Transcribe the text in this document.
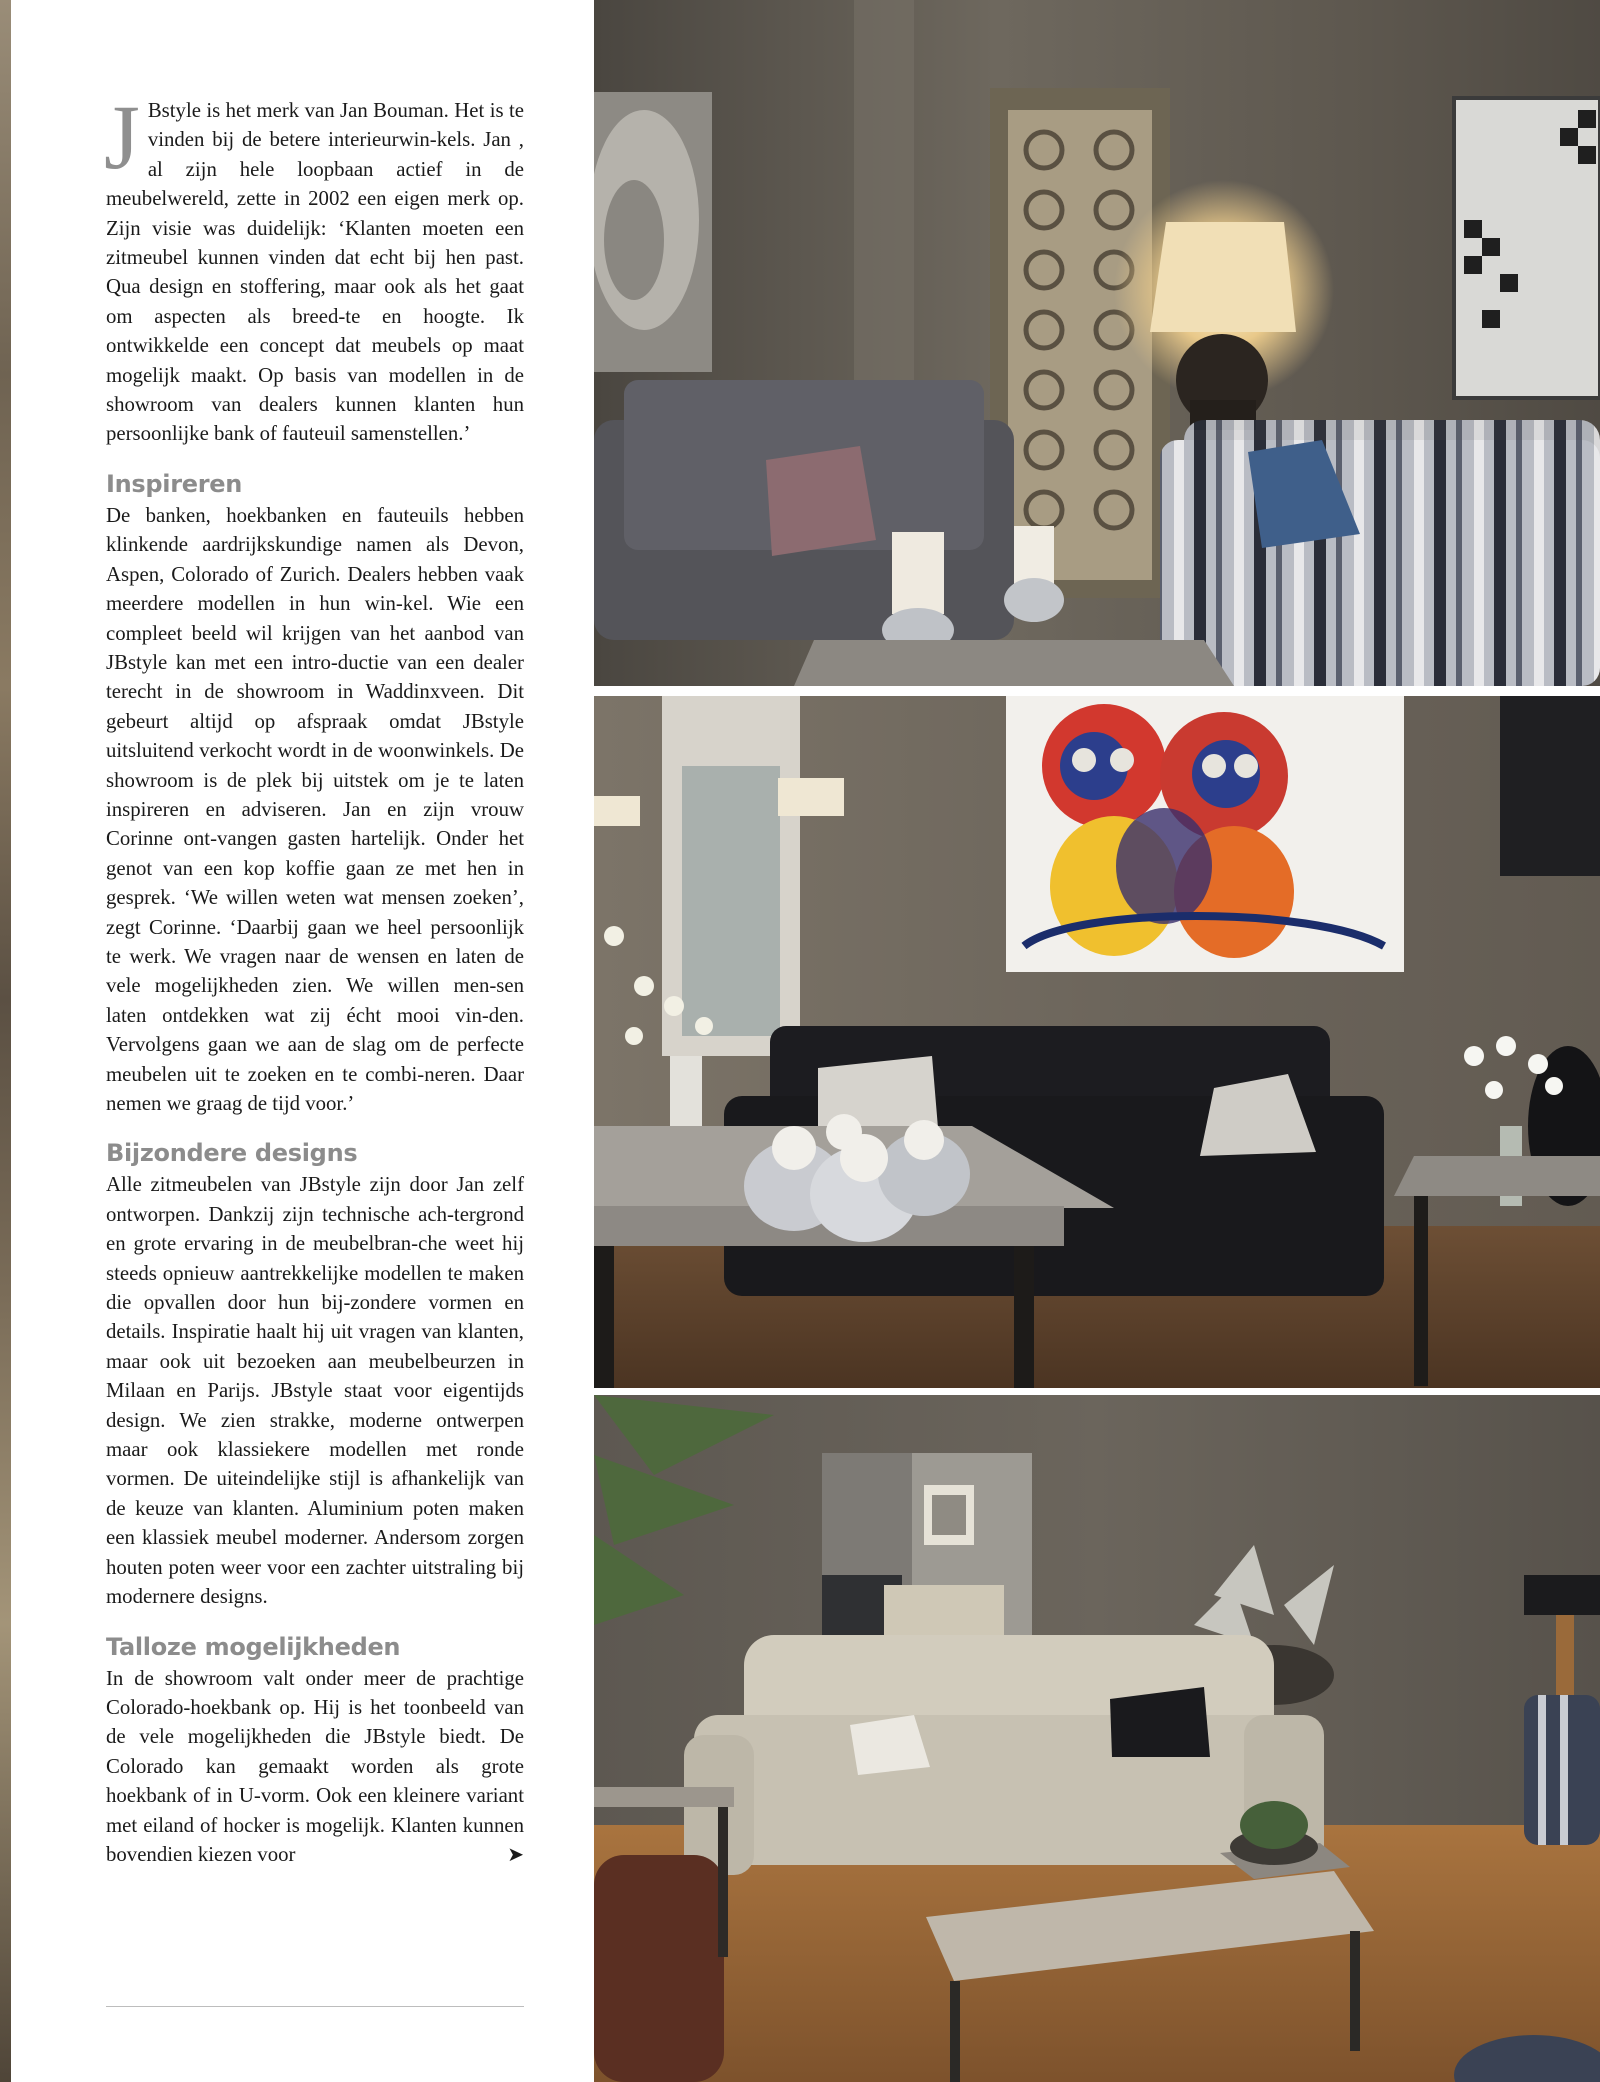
J Bstyle is het merk van Jan Bouman. Het is te vinden bij de betere interieurwin-kels. Jan , al zijn hele loopbaan actief in de meubelwereld, zette in 2002 een eigen merk op. Zijn visie was duidelijk: ‘Klanten moeten een zitmeubel kunnen vinden dat echt bij hen past. Qua design en stoffering, maar ook als het gaat om aspecten als breed-te en hoogte. Ik ontwikkelde een concept dat meubels op maat mogelijk maakt. Op basis van modellen in de showroom van dealers kunnen klanten hun persoonlijke bank of fauteuil samenstellen.’

Inspireren

De banken, hoekbanken en fauteuils hebben klinkende aardrijkskundige namen als Devon, Aspen, Colorado of Zurich. Dealers hebben vaak meerdere modellen in hun win-kel. Wie een compleet beeld wil krijgen van het aanbod van JBstyle kan met een intro-ductie van een dealer terecht in de showroom in Waddinxveen. Dit gebeurt altijd op afspraak omdat JBstyle uitsluitend verkocht wordt in de woonwinkels. De showroom is de plek bij uitstek om je te laten inspireren en adviseren. Jan en zijn vrouw Corinne ont-vangen gasten hartelijk. Onder het genot van een kop koffie gaan ze met hen in gesprek. ‘We willen weten wat mensen zoeken’, zegt Corinne. ‘Daarbij gaan we heel persoonlijk te werk. We vragen naar de wensen en laten de vele mogelijkheden zien. We willen men-sen laten ontdekken wat zij écht mooi vin-den. Vervolgens gaan we aan de slag om de perfecte meubelen uit te zoeken en te combi-neren. Daar nemen we graag de tijd voor.’

Bijzondere designs

Alle zitmeubelen van JBstyle zijn door Jan zelf ontworpen. Dankzij zijn technische ach-tergrond en grote ervaring in de meubelbran-che weet hij steeds opnieuw aantrekkelijke modellen te maken die opvallen door hun bij-zondere vormen en details. Inspiratie haalt hij uit vragen van klanten, maar ook uit bezoeken aan meubelbeurzen in Milaan en Parijs. JBstyle staat voor eigentijds design. We zien strakke, moderne ontwerpen maar ook klassiekere modellen met ronde vormen. De uiteindelijke stijl is afhankelijk van de keuze van klanten. Aluminium poten maken een klassiek meubel moderner. Andersom zorgen houten poten weer voor een zachter uitstraling bij modernere designs.

Talloze mogelijkheden

In de showroom valt onder meer de prachtige Colorado-hoekbank op. Hij is het toonbeeld van de vele mogelijkheden die JBstyle biedt. De Colorado kan gemaakt worden als grote hoekbank of in U-vorm. Ook een kleinere variant met eiland of hocker is mogelijk. Klanten kunnen bovendien kiezen voor	➤
